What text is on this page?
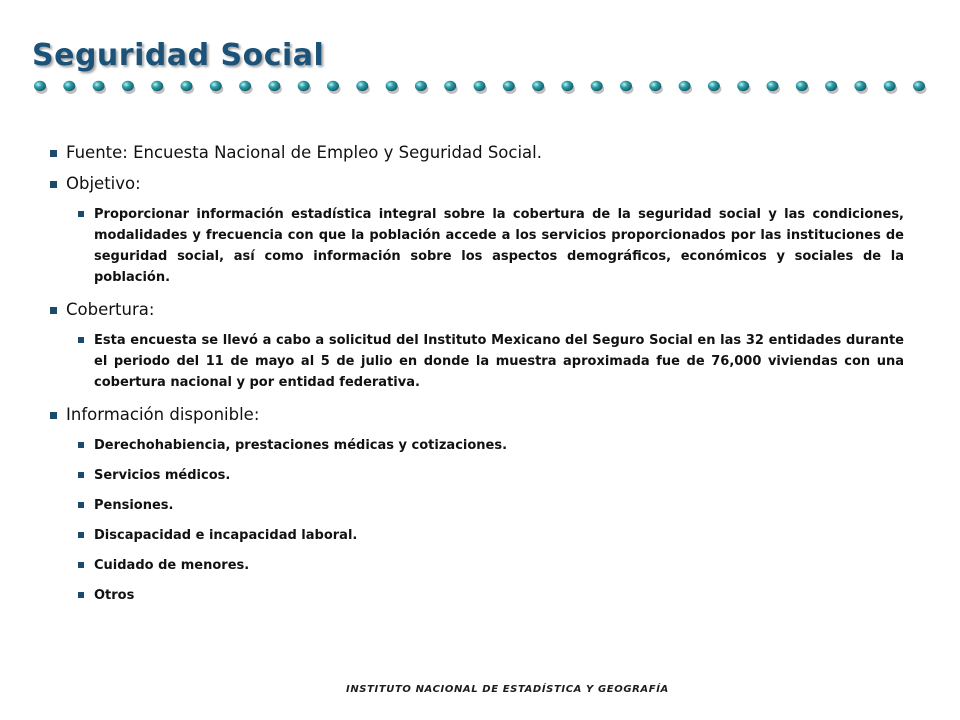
Seguridad Social
Fuente: Encuesta Nacional de Empleo y Seguridad Social.
Objetivo:
Proporcionar información estadística integral sobre la cobertura de la seguridad social y las condiciones, modalidades y frecuencia con que la población accede a los servicios proporcionados por las instituciones de seguridad social, así como información sobre los aspectos demográficos, económicos y sociales de la población.
Cobertura:
Esta encuesta se llevó a cabo a solicitud del Instituto Mexicano del Seguro Social en las 32 entidades durante el periodo del 11 de mayo al 5 de julio en donde la muestra aproximada fue de 76,000 viviendas con una cobertura nacional y por entidad federativa.
Información disponible:
Derechohabiencia, prestaciones médicas y cotizaciones.
Servicios médicos.
Pensiones.
Discapacidad e incapacidad laboral.
Cuidado de menores.
Otros
INSTITUTO NACIONAL DE ESTADÍSTICA Y GEOGRAFÍA
